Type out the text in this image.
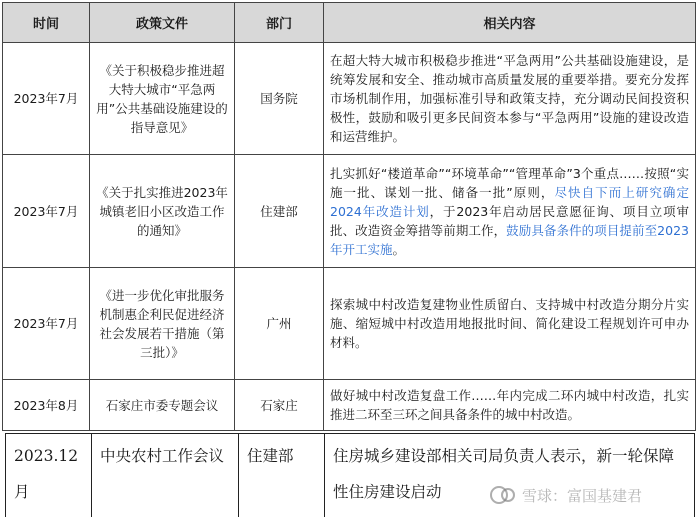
时间	政策文件	部门	相关内容
2023年7月	《关于积极稳步推进超大特大城市“平急两用”公共基础设施建设的指导意见》	国务院	在超大特大城市积极稳步推进“平急两用”公共基础设施建设，是统筹发展和安全、推动城市高质量发展的重要举措。要充分发挥市场机制作用，加强标准引导和政策支持，充分调动民间投资积极性，鼓励和吸引更多民间资本参与“平急两用”设施的建设改造和运营维护。
2023年7月	《关于扎实推进2023年城镇老旧小区改造工作的通知》	住建部	扎实抓好“楼道革命”“环境革命”“管理革命”3个重点……按照“实施一批、谋划一批、储备一批”原则，尽快自下而上研究确定2024年改造计划，于2023年启动居民意愿征询、项目立项审批、改造资金筹措等前期工作，鼓励具备条件的项目提前至2023年开工实施。
2023年7月	《进一步优化审批服务机制惠企利民促进经济社会发展若干措施（第三批）》	广州	探索城中村改造复建物业性质留白、支持城中村改造分期分片实施、缩短城中村改造用地报批时间、简化建设工程规划许可申办材料。
2023年8月	石家庄市委专题会议	石家庄	做好城中村改造复盘工作……年内完成二环内城中村改造，扎实推进二环至三环之间具备条件的城中村改造。
2023.12月	中央农村工作会议	住建部	住房城乡建设部相关司局负责人表示，新一轮保障性住房建设启动	雪球：富国基建君
